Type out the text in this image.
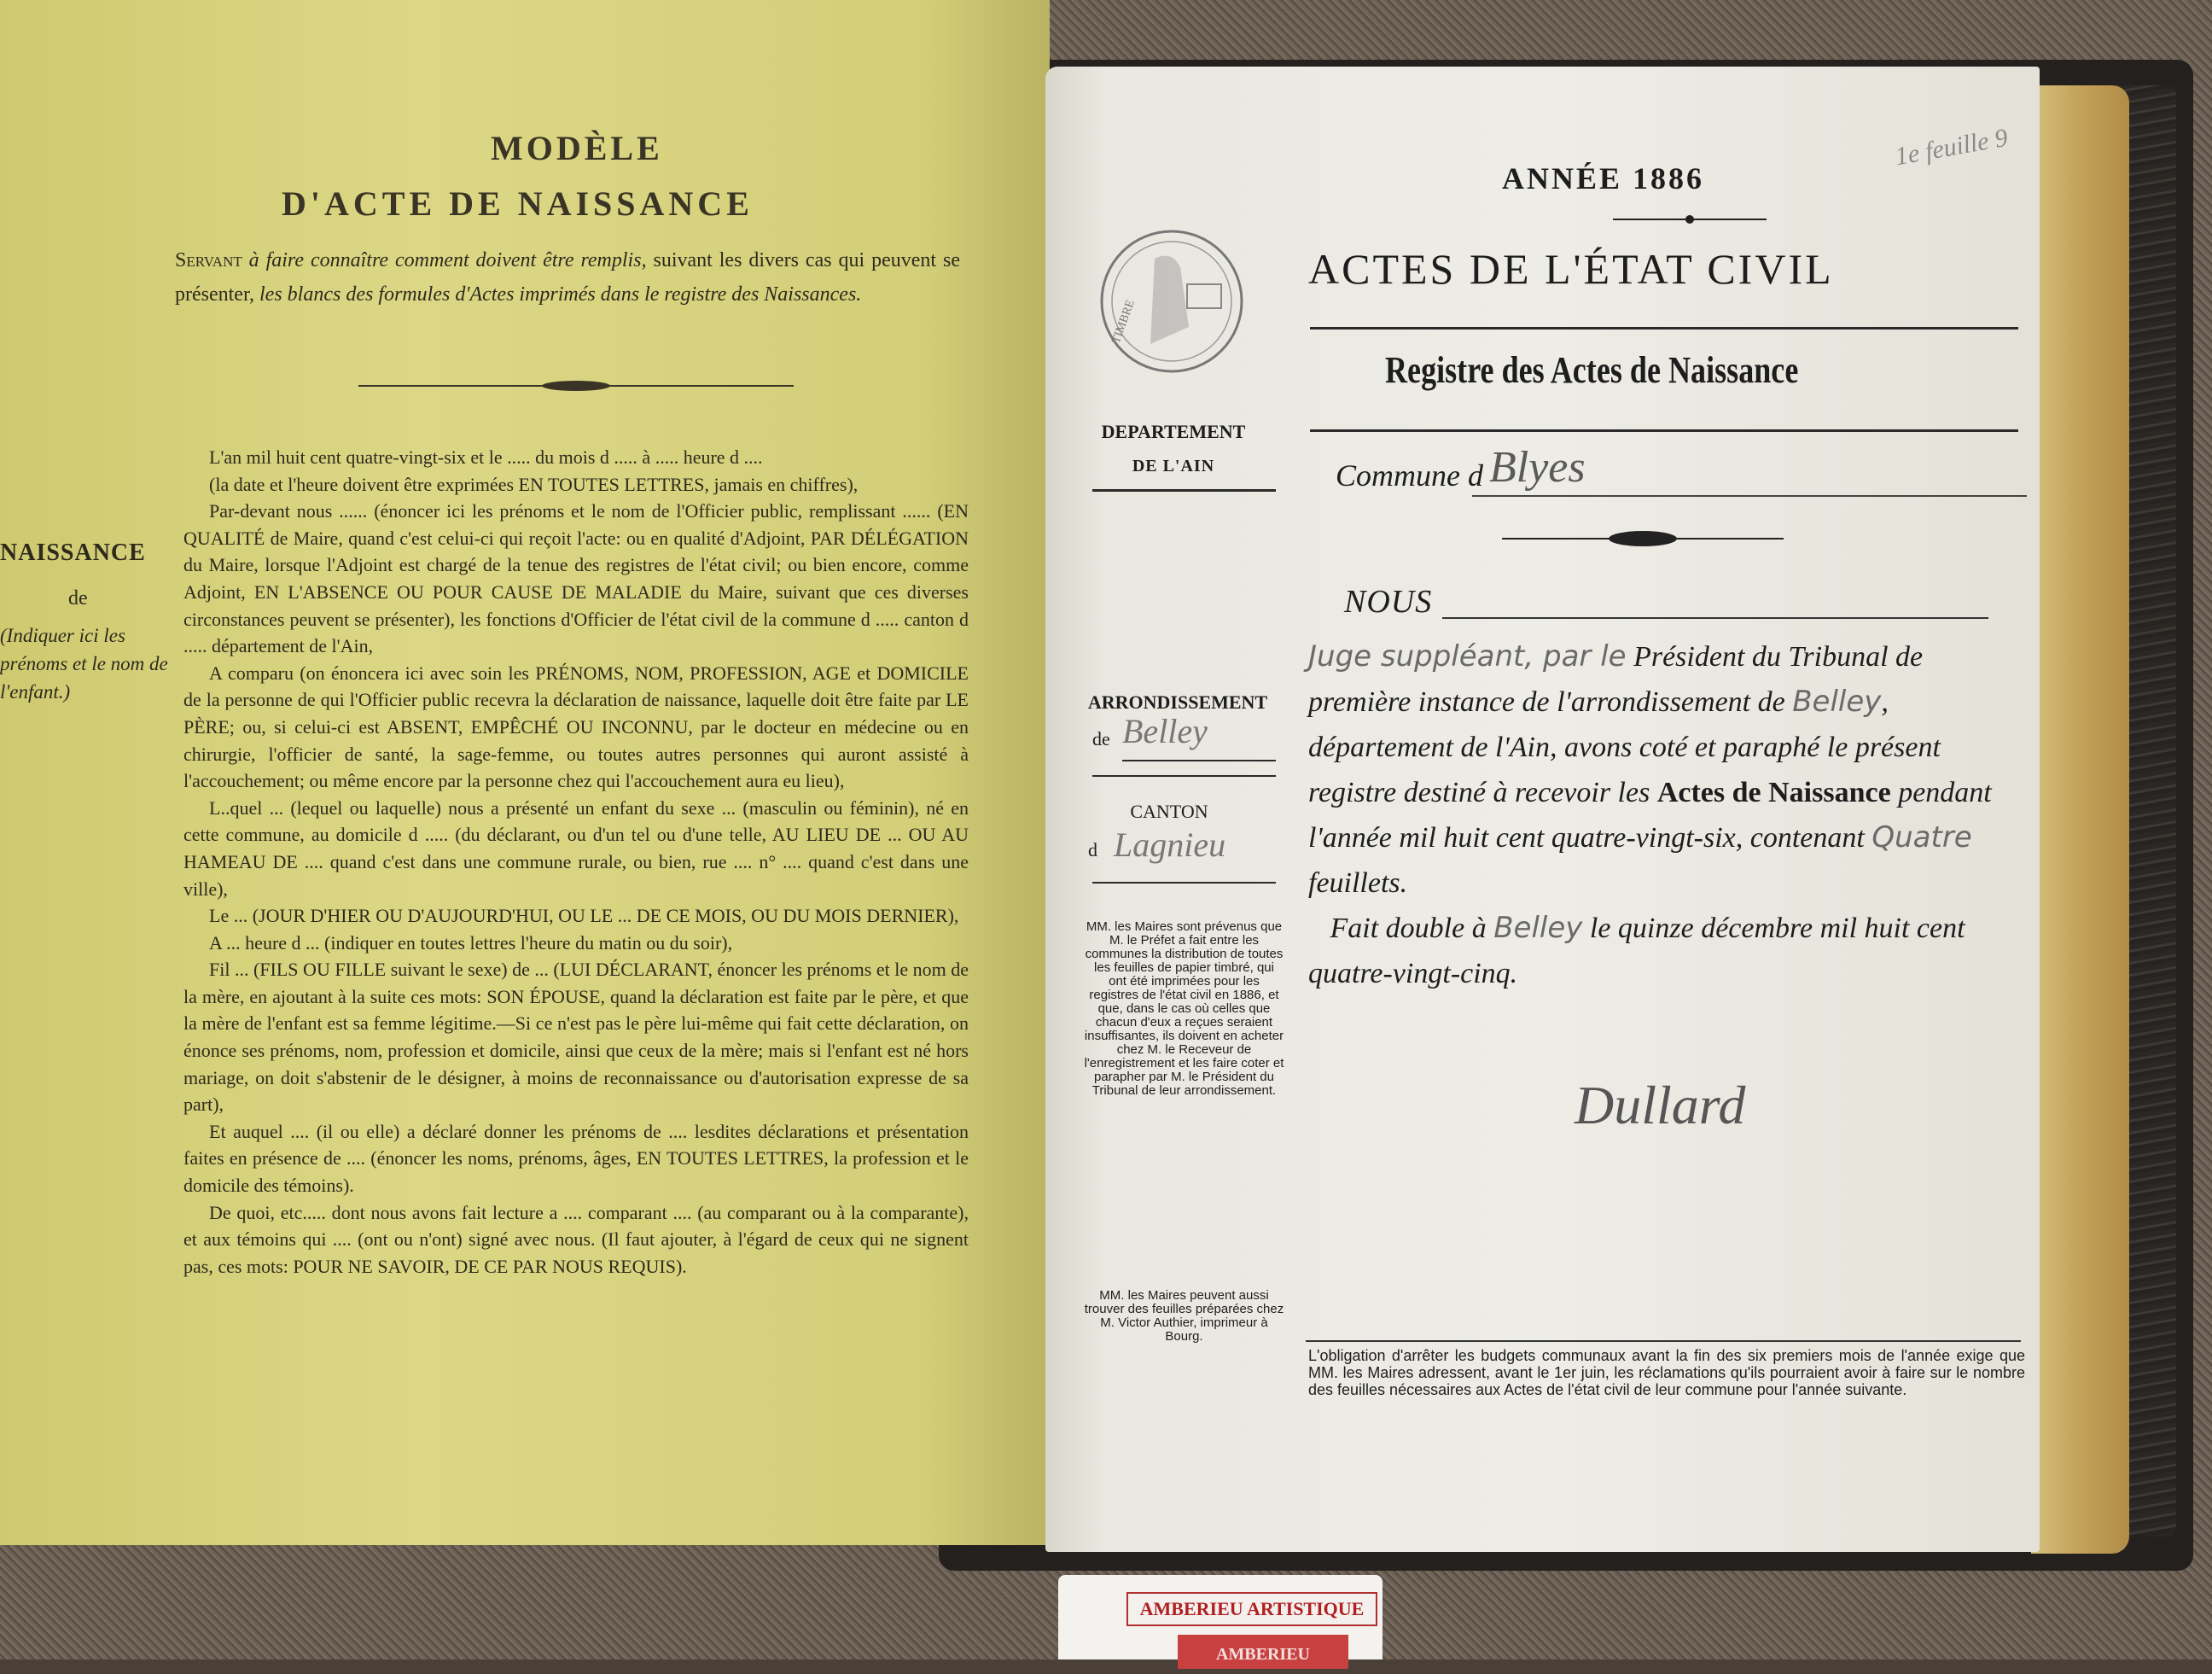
MODÈLE
D'ACTE DE NAISSANCE
Servant à faire connaître comment doivent être remplis, suivant les divers cas qui peuvent se présenter, les blancs des formules d'Actes imprimés dans le registre des Naissances.
NAISSANCE
de
(Indiquer ici les prénoms et le nom de l'enfant.)

L'an mil huit cent quatre-vingt-six et le ..... du mois d ..... à ..... heure d ....

(la date et l'heure doivent être exprimées EN TOUTES LETTRES, jamais en chiffres),

Par-devant nous ...... (énoncer ici les prénoms et le nom de l'Officier public, remplissant ...... (EN QUALITÉ de Maire, quand c'est celui-ci qui reçoit l'acte: ou en qualité d'Adjoint, PAR DÉLÉGATION du Maire, lorsque l'Adjoint est chargé de la tenue des registres de l'état civil; ou bien encore, comme Adjoint, EN L'ABSENCE OU POUR CAUSE DE MALADIE du Maire, suivant que ces diverses circonstances peuvent se présenter), les fonctions d'Officier de l'état civil de la commune d ..... canton d ..... département de l'Ain,

A comparu (on énoncera ici avec soin les PRÉNOMS, NOM, PROFESSION, AGE et DOMICILE de la personne de qui l'Officier public recevra la déclaration de naissance, laquelle doit être faite par LE PÈRE; ou, si celui-ci est ABSENT, EMPÊCHÉ OU INCONNU, par le docteur en médecine ou en chirurgie, l'officier de santé, la sage-femme, ou toutes autres personnes qui auront assisté à l'accouchement; ou même encore par la personne chez qui l'accouchement aura eu lieu),

L..quel ... (lequel ou laquelle) nous a présenté un enfant du sexe ... (masculin ou féminin), né en cette commune, au domicile d ..... (du déclarant, ou d'un tel ou d'une telle, AU LIEU DE ... OU AU HAMEAU DE .... quand c'est dans une commune rurale, ou bien, rue .... n° .... quand c'est dans une ville),

Le ... (JOUR D'HIER OU D'AUJOURD'HUI, OU LE ... DE CE MOIS, OU DU MOIS DERNIER),

A ... heure d ... (indiquer en toutes lettres l'heure du matin ou du soir),

Fil ... (FILS OU FILLE suivant le sexe) de ... (LUI DÉCLARANT, énoncer les prénoms et le nom de la mère, en ajoutant à la suite ces mots: SON ÉPOUSE, quand la déclaration est faite par le père, et que la mère de l'enfant est sa femme légitime.—Si ce n'est pas le père lui-même qui fait cette déclaration, on énonce ses prénoms, nom, profession et domicile, ainsi que ceux de la mère; mais si l'enfant est né hors mariage, on doit s'abstenir de le désigner, à moins de reconnaissance ou d'autorisation expresse de sa part),

Et auquel .... (il ou elle) a déclaré donner les prénoms de .... lesdites déclarations et présentation faites en présence de .... (énoncer les noms, prénoms, âges, EN TOUTES LETTRES, la profession et le domicile des témoins).

De quoi, etc..... dont nous avons fait lecture a .... comparant .... (au comparant ou à la comparante), et aux témoins qui .... (ont ou n'ont) signé avec nous. (Il faut ajouter, à l'égard de ceux qui ne signent pas, ces mots: POUR NE SAVOIR, DE CE PAR NOUS REQUIS).

1e feuille 9
ANNÉE 1886
TIMBRE
ACTES DE L'ÉTAT CIVIL
Registre des Actes de Naissance
DEPARTEMENT
DE L'AIN	Commune d Blyes
NOUS
Juge suppléant, par le Président du Tribunal de première instance de l'arrondissement de Belley, département de l'Ain, avons coté et paraphé le présent registre destiné à recevoir les Actes de Naissance pendant l'année mil huit cent quatre-vingt-six, contenant Quatre feuillets.
Fait double à Belley le quinze décembre mil huit cent quatre-vingt-cinq.
ARRONDISSEMENT
de Belley
CANTON
d Lagnieu
MM. les Maires sont prévenus que M. le Préfet a fait entre les communes la distribution de toutes les feuilles de papier timbré, qui ont été imprimées pour les registres de l'état civil en 1886, et que, dans le cas où celles que chacun d'eux a reçues seraient insuffisantes, ils doivent en acheter chez M. le Receveur de l'enregistrement et les faire coter et parapher par M. le Président du Tribunal de leur arrondissement.
MM. les Maires peuvent aussi trouver des feuilles préparées chez M. Victor Authier, imprimeur à Bourg.
Dullard
L'obligation d'arrêter les budgets communaux avant la fin des six premiers mois de l'année exige que MM. les Maires adressent, avant le 1er juin, les réclamations qu'ils pourraient avoir à faire sur le nombre des feuilles nécessaires aux Actes de l'état civil de leur commune pour l'année suivante.
AMBERIEU
AMBERIEU ARTISTIQUE
